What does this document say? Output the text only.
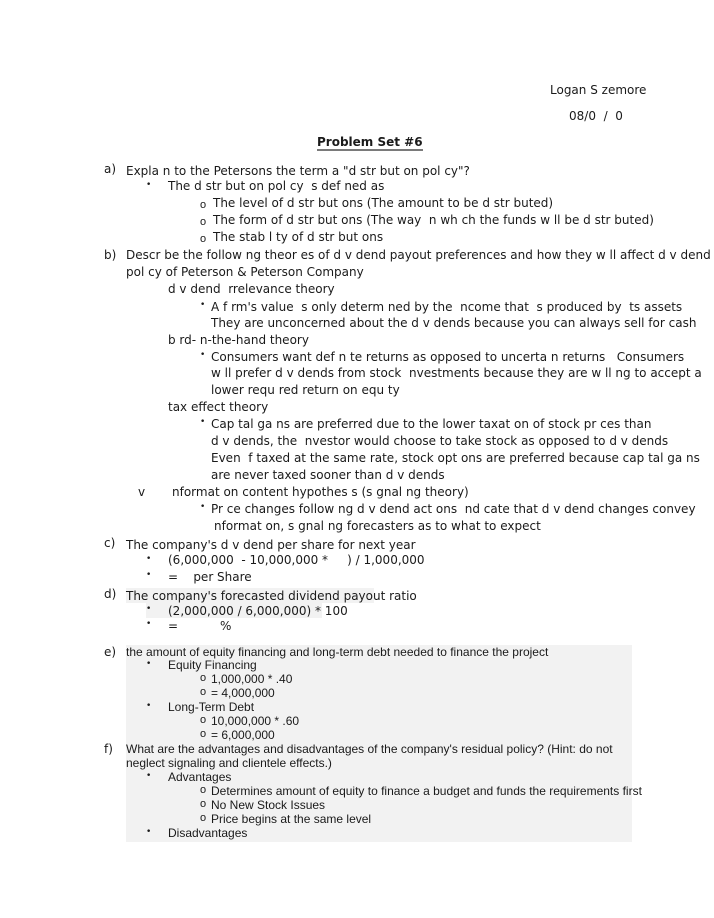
Logan S zemore
08/0  /  0
Problem Set #6
a) Expla n to the Petersons the term a "d str but on pol cy"?
• The d str but on pol cy  s def ned as
o The level of d str but ons (The amount to be d str buted)
o The form of d str but ons (The way  n wh ch the funds w ll be d str buted)
o The stab l ty of d str but ons
b) Descr be the follow ng theor es of d v dend payout preferences and how they w ll affect d v dend
pol cy of Peterson & Peterson Company
d v dend  rrelevance theory
• A f rm's value  s only determ ned by the  ncome that  s produced by  ts assets
They are unconcerned about the d v dends because you can always sell for cash
b rd- n-the-hand theory
• Consumers want def n te returns as opposed to uncerta n returns   Consumers
w ll prefer d v dends from stock  nvestments because they are w ll ng to accept a
lower requ red return on equ ty
tax effect theory
• Cap tal ga ns are preferred due to the lower taxat on of stock pr ces than
d v dends, the  nvestor would choose to take stock as opposed to d v dends
Even  f taxed at the same rate, stock opt ons are preferred because cap tal ga ns
are never taxed sooner than d v dends
v nformat on content hypothes s (s gnal ng theory)
• Pr ce changes follow ng d v dend act ons  nd cate that d v dend changes convey
nformat on, s gnal ng forecasters as to what to expect
c) The company's d v dend per share for next year
• (6,000,000  - 10,000,000 *     ) / 1,000,000
• =    per Share
d) The company's forecasted dividend payout ratio
• (2,000,000 / 6,000,000) * 100
• =           %
e) the amount of equity financing and long-term debt needed to finance the project
• Equity Financing
o 1,000,000 * .40
o = 4,000,000
• Long-Term Debt
o 10,000,000 * .60
o = 6,000,000
f) What are the advantages and disadvantages of the company's residual policy? (Hint: do not
neglect signaling and clientele effects.)
• Advantages
o Determines amount of equity to finance a budget and funds the requirements first
o No New Stock Issues
o Price begins at the same level
• Disadvantages
